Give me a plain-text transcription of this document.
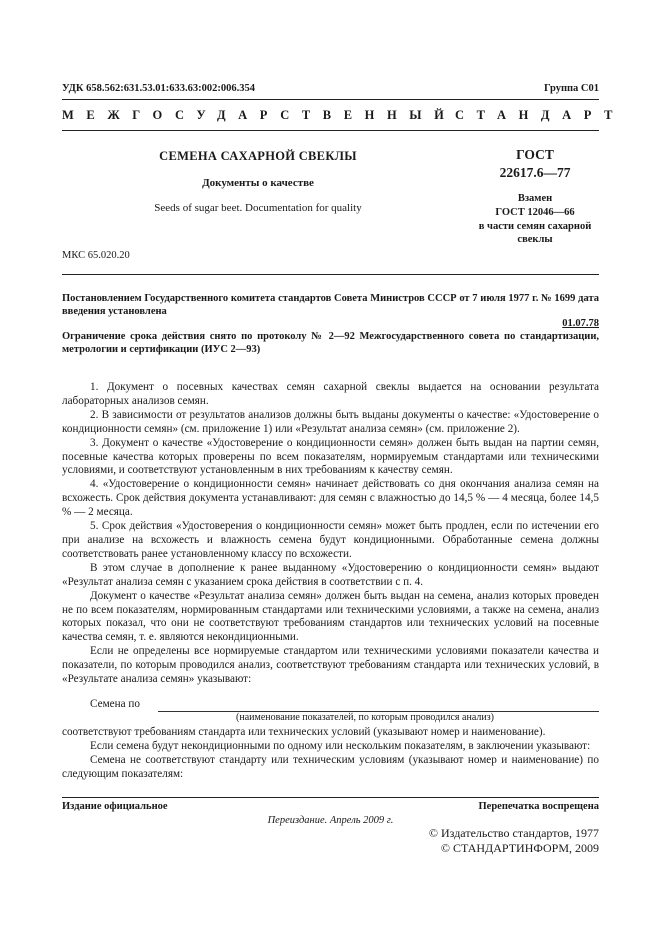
УДК 658.562:631.53.01:633.63:002:006.354	Группа С01
МЕЖГОСУДАРСТВЕННЫЙ
СТАНДАРТ
СЕМЕНА САХАРНОЙ СВЕКЛЫ
Документы о качестве
Seeds of sugar beet. Documentation for quality
ГОСТ
22617.6—77
Взамен
ГОСТ 12046—66
в части семян сахарной
свеклы
МКС 65.020.20
Постановлением Государственного комитета стандартов Совета Министров СССР от 7 июля 1977 г. № 1699 дата введения установлена
01.07.78
Ограничение срока действия снято по протоколу № 2—92 Межгосударственного совета по стандартизации, метрологии и сертификации (ИУС 2—93)

1. Документ о посевных качествах семян сахарной свеклы выдается на основании результата лабораторных анализов семян.

2. В зависимости от результатов анализов должны быть выданы документы о качестве: «Удостоверение о кондиционности семян» (см. приложение 1) или «Результат анализа семян» (см. приложение 2).

3. Документ о качестве «Удостоверение о кондиционности семян» должен быть выдан на партии семян, посевные качества которых проверены по всем показателям, нормируемым стандартами или техническими условиями, и соответствуют установленным в них требованиям к качеству семян.

4. «Удостоверение о кондиционности семян» начинает действовать со дня окончания анализа семян на всхожесть. Срок действия документа устанавливают: для семян с влажностью до 14,5 % — 4 месяца, более 14,5 % — 2 месяца.

5. Срок действия «Удостоверения о кондиционности семян» может быть продлен, если по истечении его при анализе на всхожесть и влажность семена будут кондиционными. Обработанные семена должны соответствовать ранее установленному классу по всхожести.

В этом случае в дополнение к ранее выданному «Удостоверению о кондиционности семян» выдают «Результат анализа семян с указанием срока действия в соответствии с п. 4.

Документ о качестве «Результат анализа семян» должен быть выдан на семена, анализ которых проведен не по всем показателям, нормированным стандартами или техническими условиями, а также на семена, анализ которых показал, что они не соответствуют требованиям стандартов или технических условий на посевные качества семян, т. е. являются некондиционными.

Если не определены все нормируемые стандартом или техническими условиями показатели качества и показатели, по которым проводился анализ, соответствуют требованиям стандарта или технических условий, в «Результате анализа семян» указывают:

Семена по
(наименование показателей, по которым проводился анализ)

соответствуют требованиям стандарта или технических условий (указывают номер и наименование).

Если семена будут некондиционными по одному или нескольким показателям, в заключении указывают:

Семена не соответствуют стандарту или техническим условиям (указывают номер и наименование) по следующим показателям:

Издание официальное	Перепечатка воспрещена
Переиздание. Апрель 2009 г.
© Издательство стандартов, 1977
© СТАНДАРТИНФОРМ, 2009
